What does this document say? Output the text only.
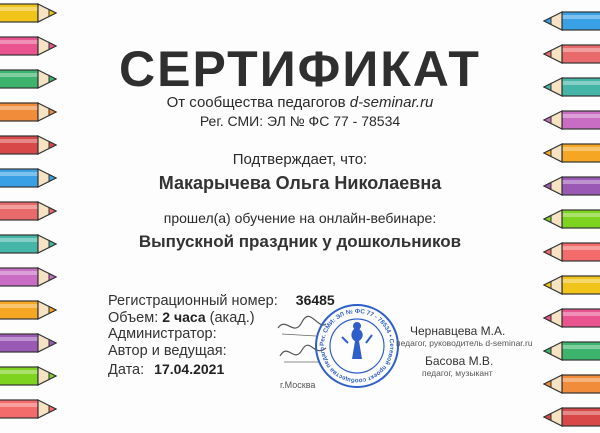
СЕРТИФИКАТ
От сообщества педагогов d-seminar.ru
Рег. СМИ: ЭЛ № ФС 77 - 78534
Подтверждает, что:
Макарычева Ольга Николаевна
прошел(а) обучение на онлайн-вебинаре:
Выпускной праздник у дошкольников
Регистрационный номер: 36485
Объем: 2 часа (акад.)
Администратор:
Автор и ведущая:
Дата: 17.04.2021
Рег. СМИ: ЭЛ № ФС 77 - 78534 • Сетевой проект сообщества педаго
Чернавцева М.А.
педагог, руководитель d-seminar.ru
Басова М.В.
педагог, музыкант
г.Москва
